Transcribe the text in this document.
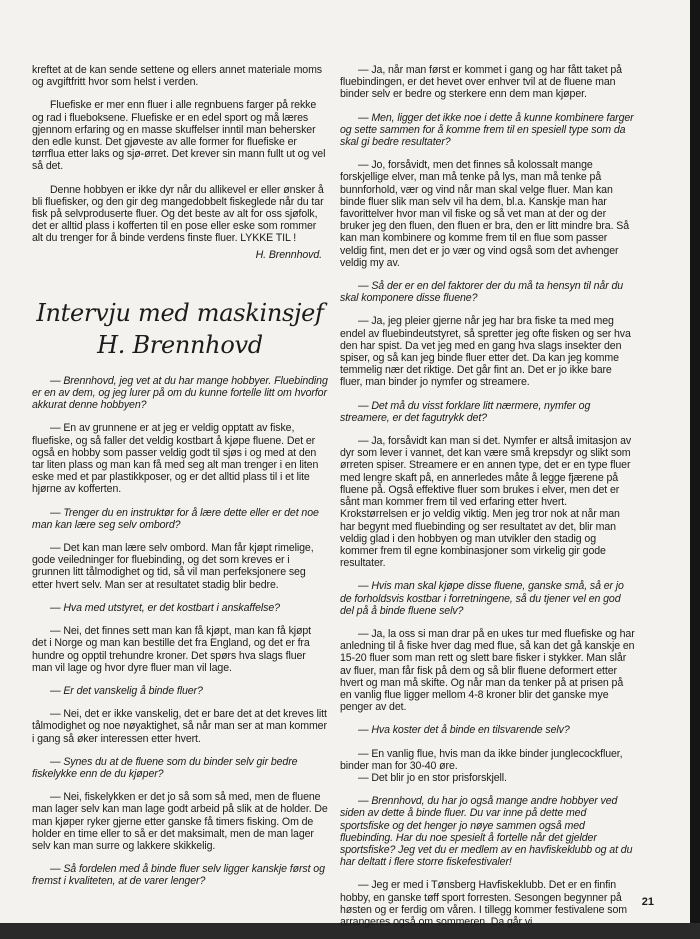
kreftet at de kan sende settene og ellers annet materiale moms og avgiftfritt hvor som helst i verden.

Fluefiske er mer enn fluer i alle regnbuens farger på rekke og rad i flueboksene. Fluefiske er en edel sport og må læres gjennom erfaring og en masse skuffelser inntil man behersker den edle kunst. Det gjøveste av alle former for fluefiske er tørrflua etter laks og sjø-ørret. Det krever sin mann fullt ut og vel så det.

Denne hobbyen er ikke dyr når du allikevel er eller ønsker å bli fluefisker, og den gir deg mangedobbelt fiskeglede når du tar fisk på selvproduserte fluer. Og det beste av alt for oss sjøfolk, det er alltid plass i kofferten til en pose eller eske som rommer alt du trenger for å binde verdens finste fluer. LYKKE TIL !

H. Brennhovd.
Intervju med maskinsjef
H. Brennhovd

— Brennhovd, jeg vet at du har mange hobbyer. Fluebinding er en av dem, og jeg lurer på om du kunne fortelle litt om hvorfor akkurat denne hobbyen?

— En av grunnene er at jeg er veldig opptatt av fiske, fluefiske, og så faller det veldig kostbart å kjøpe fluene. Det er også en hobby som passer veldig godt til sjøs i og med at den tar liten plass og man kan få med seg alt man trenger i en liten eske med et par plastikkposer, og er det alltid plass til i et lite hjørne av kofferten.

— Trenger du en instruktør for å lære dette eller er det noe man kan lære seg selv ombord?

— Det kan man lære selv ombord. Man får kjøpt rimelige, gode veiledninger for fluebinding, og det som kreves er i grunnen litt tålmodighet og tid, så vil man perfeksjonere seg etter hvert selv. Man ser at resultatet stadig blir bedre.

— Hva med utstyret, er det kostbart i anskaffelse?

— Nei, det finnes sett man kan få kjøpt, man kan få kjøpt det i Norge og man kan bestille det fra England, og det er fra hundre og opptil trehundre kroner. Det spørs hva slags fluer man vil lage og hvor dyre fluer man vil lage.

— Er det vanskelig å binde fluer?

— Nei, det er ikke vanskelig, det er bare det at det kreves litt tålmodighet og noe nøyaktighet, så når man ser at man kommer i gang så øker interessen etter hvert.

— Synes du at de fluene som du binder selv gir bedre fiskelykke enn de du kjøper?

— Nei, fiskelykken er det jo så som så med, men de fluene man lager selv kan man lage godt arbeid på slik at de holder. De man kjøper ryker gjerne etter ganske få timers fisking. Om de holder en time eller to så er det maksimalt, men de man lager selv kan man surre og lakkere skikkelig.

— Så fordelen med å binde fluer selv ligger kanskje først og fremst i kvaliteten, at de varer lenger?

— Ja, når man først er kommet i gang og har fått taket på fluebindingen, er det hevet over enhver tvil at de fluene man binder selv er bedre og sterkere enn dem man kjøper.

— Men, ligger det ikke noe i dette å kunne kombinere farger og sette sammen for å komme frem til en spesiell type som da skal gi bedre resultater?

— Jo, forsåvidt, men det finnes så kolossalt mange forskjellige elver, man må tenke på lys, man må tenke på bunnforhold, vær og vind når man skal velge fluer. Man kan binde fluer slik man selv vil ha dem, bl.a. Kanskje man har favorittelver hvor man vil fiske og så vet man at der og der bruker jeg den fluen, den fluen er bra, den er litt mindre bra. Så kan man kombinere og komme frem til en flue som passer veldig fint, men det er jo vær og vind også som det avhenger veldig my av.

— Så der er en del faktorer der du må ta hensyn til når du skal komponere disse fluene?

— Ja, jeg pleier gjerne når jeg har bra fiske ta med meg endel av fluebindeutstyret, så spretter jeg ofte fisken og ser hva den har spist. Da vet jeg med en gang hva slags insekter den spiser, og så kan jeg binde fluer etter det. Da kan jeg komme temmelig nær det riktige. Det går fint an. Det er jo ikke bare fluer, man binder jo nymfer og streamere.

— Det må du visst forklare litt nærmere, nymfer og streamere, er det fagutrykk det?

— Ja, forsåvidt kan man si det. Nymfer er altså imitasjon av dyr som lever i vannet, det kan være små krepsdyr og slikt som ørreten spiser. Streamere er en annen type, det er en type fluer med lengre skaft på, en annerledes måte å legge fjærene på fluene på. Også effektive fluer som brukes i elver, men det er sånt man kommer frem til ved erfaring etter hvert. Krokstørrelsen er jo veldig viktig. Men jeg tror nok at når man har begynt med fluebinding og ser resultatet av det, blir man veldig glad i den hobbyen og man utvikler den stadig og kommer frem til egne kombinasjoner som virkelig gir gode resultater.

— Hvis man skal kjøpe disse fluene, ganske små, så er jo de forholdsvis kostbar i forretningene, så du tjener vel en god del på å binde fluene selv?

— Ja, la oss si man drar på en ukes tur med fluefiske og har anledning til å fiske hver dag med flue, så kan det gå kanskje en 15-20 fluer som man rett og slett bare fisker i stykker. Man slår av fluer, man får fisk på dem og så blir fluene deformert etter hvert og man må skifte. Og når man da tenker på at prisen på en vanlig flue ligger mellom 4-8 kroner blir det ganske mye penger av det.

— Hva koster det å binde en tilsvarende selv?

— En vanlig flue, hvis man da ikke binder junglecockfluer, binder man for 30-40 øre.

— Det blir jo en stor prisforskjell.

— Brennhovd, du har jo også mange andre hobbyer ved siden av dette å binde fluer. Du var inne på dette med sportsfiske og det henger jo nøye sammen også med fluebinding. Har du noe spesielt å fortelle når det gjelder sportsfiske? Jeg vet du er medlem av en havfiskeklubb og at du har deltatt i flere storre fiskefestivaler!

— Jeg er med i Tønsberg Havfiskeklubb. Det er en finfin hobby, en ganske tøff sport forresten. Sesongen begynner på høsten og er ferdig om våren. I tillegg kommer festivalene som arrangeres også om sommeren. Da går vi

21
